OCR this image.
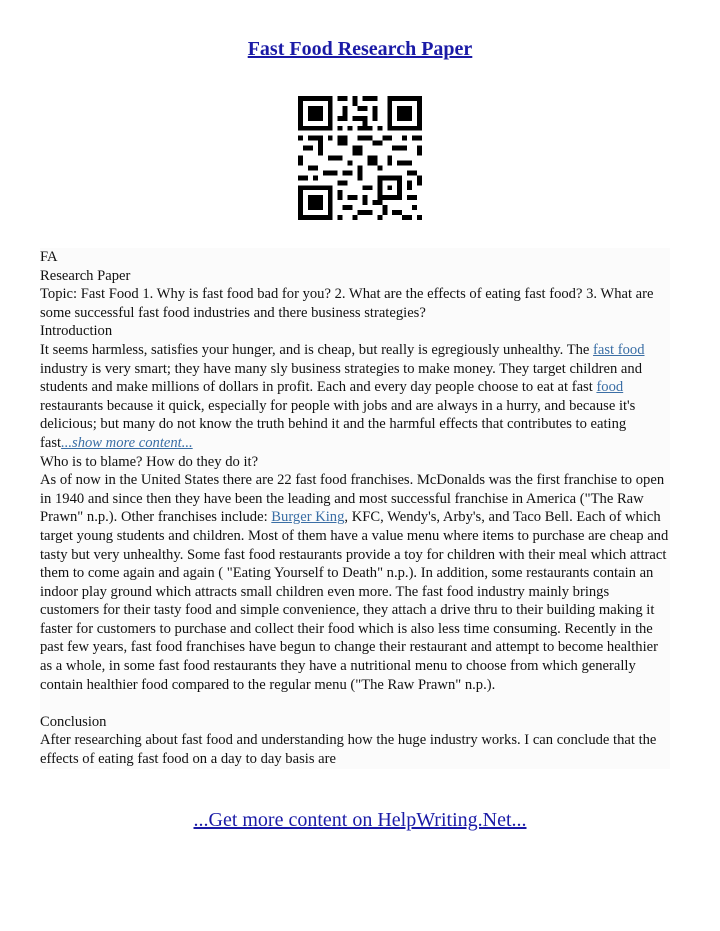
Fast Food Research Paper

FA

Research Paper

Topic: Fast Food 1. Why is fast food bad for you? 2. What are the effects of eating fast food? 3. What are some successful fast food industries and there business strategies?

Introduction

It seems harmless, satisfies your hunger, and is cheap, but really is egregiously unhealthy. The fast food industry is very smart; they have many sly business strategies to make money. They target children and students and make millions of dollars in profit. Each and every day people choose to eat at fast food restaurants because it quick, especially for people with jobs and are always in a hurry, and because it's delicious; but many do not know the truth behind it and the harmful effects that contributes to eating fast...show more content...

Who is to blame? How do they do it?

As of now in the United States there are 22 fast food franchises. McDonalds was the first franchise to open in 1940 and since then they have been the leading and most successful franchise in America ("The Raw Prawn" n.p.). Other franchises include: Burger King, KFC, Wendy's, Arby's, and Taco Bell. Each of which target young students and children. Most of them have a value menu where items to purchase are cheap and tasty but very unhealthy. Some fast food restaurants provide a toy for children with their meal which attract them to come again and again ( "Eating Yourself to Death" n.p.). In addition, some restaurants contain an indoor play ground which attracts small children even more. The fast food industry mainly brings customers for their tasty food and simple convenience, they attach a drive thru to their building making it faster for customers to purchase and collect their food which is also less time consuming. Recently in the past few years, fast food franchises have begun to change their restaurant and attempt to become healthier as a whole, in some fast food restaurants they have a nutritional menu to choose from which generally contain healthier food compared to the regular menu ("The Raw Prawn" n.p.).

Conclusion

After researching about fast food and understanding how the huge industry works. I can conclude that the effects of eating fast food on a day to day basis are

...Get more content on HelpWriting.Net...
